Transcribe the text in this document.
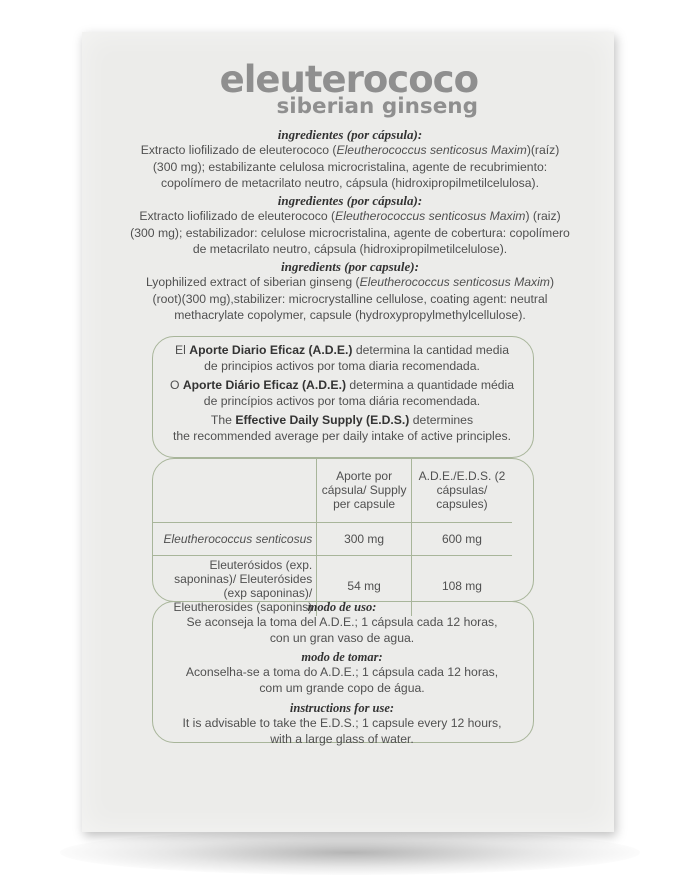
eleuterococo
siberian ginseng
ingredientes (por cápsula):
Extracto liofilizado de eleuterococo (Eleutherococcus senticosus Maxim)(raíz) (300 mg); estabilizante celulosa microcristalina, agente de recubrimiento: copolímero de metacrilato neutro, cápsula (hidroxipropilmetilcelulosa).
ingredientes (por cápsula):
Extracto liofilizado de eleuterococo (Eleutherococcus senticosus Maxim) (raiz)(300 mg); estabilizador: celulose microcristalina, agente de cobertura: copolímero de metacrilato neutro, cápsula (hidroxipropilmetilcelulose).
ingredients (por capsule):
Lyophilized extract of siberian ginseng (Eleutherococcus senticosus Maxim) (root)(300 mg),stabilizer: microcrystalline cellulose, coating agent: neutral methacrylate copolymer, capsule (hydroxypropylmethylcellulose).
El Aporte Diario Eficaz (A.D.E.) determina la cantidad media
de principios activos por toma diaria recomendada.
O Aporte Diário Eficaz (A.D.E.) determina a quantidade média
de princípios activos por toma diária recomendada.
The Effective Daily Supply (E.D.S.) determines
the recommended average per daily intake of active principles.
	Aporte por cápsula/ Supply per capsule	A.D.E./E.D.S. (2 cápsulas/ capsules)
Eleutherococcus senticosus	300 mg	600 mg
Eleuterósidos (exp. saponinas)/ Eleuterósides (exp saponinas)/ Eleutherosides (saponins)	54 mg	108 mg
modo de uso:
Se aconseja la toma del A.D.E.; 1 cápsula cada 12 horas,
con un gran vaso de agua.
modo de tomar:
Aconselha-se a toma do A.D.E.; 1 cápsula cada 12 horas,
com um grande copo de água.
instructions for use:
It is advisable to take the E.D.S.; 1 capsule every 12 hours,
with a large glass of water.
